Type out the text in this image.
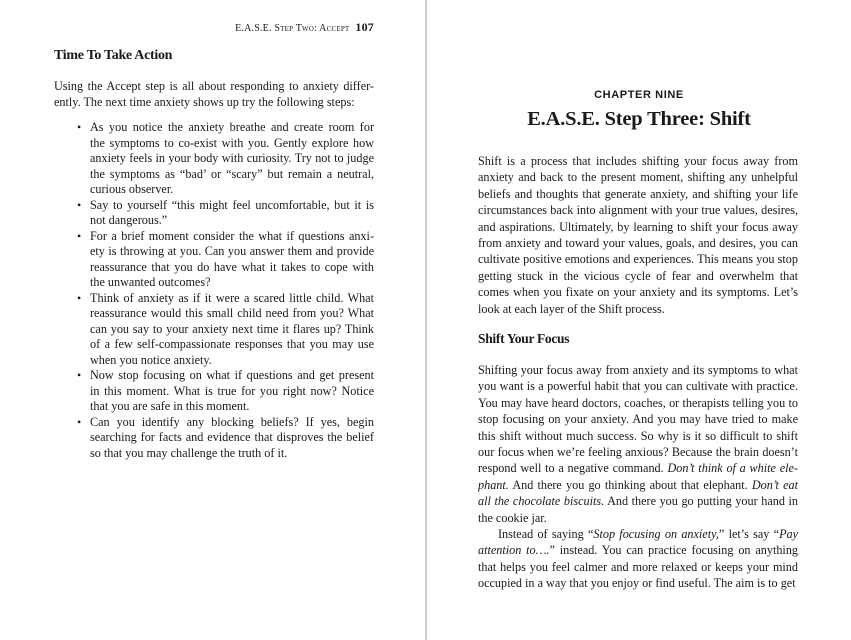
E.A.S.E. Step Two: Accept 107
Time To Take Action
Using the Accept step is all about responding to anxiety differ-
ently. The next time anxiety shows up try the following steps:
• As you notice the anxiety breathe and create room for
the symptoms to co-exist with you. Gently explore how
anxiety feels in your body with curiosity. Try not to judge
the symptoms as “bad’ or “scary” but remain a neutral,
curious observer.
• Say to yourself “this might feel uncomfortable, but it is
not dangerous.”
• For a brief moment consider the what if questions anxi-
ety is throwing at you. Can you answer them and provide
reassurance that you do have what it takes to cope with
the unwanted outcomes?
• Think of anxiety as if it were a scared little child. What
reassurance would this small child need from you? What
can you say to your anxiety next time it flares up? Think
of a few self-compassionate responses that you may use
when you notice anxiety.
• Now stop focusing on what if questions and get present
in this moment. What is true for you right now? Notice
that you are safe in this moment.
• Can you identify any blocking beliefs? If yes, begin
searching for facts and evidence that disproves the belief
so that you may challenge the truth of it.
CHAPTER NINE
E.A.S.E. Step Three: Shift
Shift is a process that includes shifting your focus away from
anxiety and back to the present moment, shifting any unhelpful
beliefs and thoughts that generate anxiety, and shifting your life
circumstances back into alignment with your true values, desires,
and aspirations. Ultimately, by learning to shift your focus away
from anxiety and toward your values, goals, and desires, you can
cultivate positive emotions and experiences. This means you stop
getting stuck in the vicious cycle of fear and overwhelm that
comes when you fixate on your anxiety and its symptoms. Let’s
look at each layer of the Shift process.
Shift Your Focus
Shifting your focus away from anxiety and its symptoms to what
you want is a powerful habit that you can cultivate with practice.
You may have heard doctors, coaches, or therapists telling you to
stop focusing on your anxiety. And you may have tried to make
this shift without much success. So why is it so difficult to shift
our focus when we’re feeling anxious? Because the brain doesn’t
respond well to a negative command. Don’t think of a white ele-
phant. And there you go thinking about that elephant. Don’t eat
all the chocolate biscuits. And there you go putting your hand in
the cookie jar.
Instead of saying “Stop focusing on anxiety,” let’s say “Pay
attention to….” instead. You can practice focusing on anything
that helps you feel calmer and more relaxed or keeps your mind
occupied in a way that you enjoy or find useful. The aim is to get
